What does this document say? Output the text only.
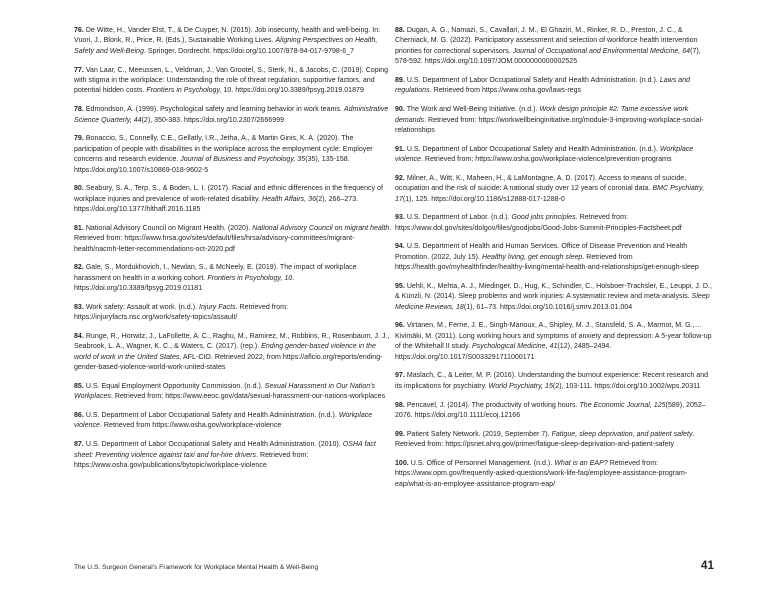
76. De Witte, H., Vander Elst, T., & De Cuyper, N. (2015). Job insecurity, health and well-being. In: Vuori, J., Blonk, R., Price, R. (Eds.), Sustainable Working Lives. Aligning Perspectives on Health, Safety and Well-Being. Springer, Dordrecht. https://doi.org/10.1007/978-94-017-9798-6_7

77. Van Laar, C., Meeussen, L., Veldman, J., Van Grootel, S., Sterk, N., & Jacobs, C. (2019). Coping with stigma in the workplace: Understanding the role of threat regulation, supportive factors, and potential hidden costs. Frontiers in Psychology, 10. https://doi.org/10.3389/fpsyg.2019.01879

78. Edmondson, A. (1999). Psychological safety and learning behavior in work teams. Administrative Science Quarterly, 44(2), 350-383. https://doi.org/10.2307/2666999

79. Bonaccio, S., Connelly, C.E., Gellatly, I.R., Jetha, A., & Martin Ginis, K. A. (2020). The participation of people with disabilities in the workplace across the employment cycle: Employer concerns and research evidence. Journal of Business and Psychology, 35(35), 135-158. https://doi.org/10.1007/s10869-018-9602-5

80. Seabury, S. A., Terp, S., & Boden, L. I. (2017). Racial and ethnic differences in the frequency of workplace injuries and prevalence of work-related disability. Health Affairs, 36(2), 266–273. https://doi.org/10.1377/hlthaff.2016.1185

81. National Advisory Council on Migrant Health. (2020). National Advisory Council on migrant health. Retrieved from: https://www.hrsa.gov/sites/default/files/hrsa/advisory-committees/migrant-health/nacmh-letter-recommendations-oct-2020.pdf

82. Gale, S., Mordukhovich, I., Newlan, S., & McNeely, E. (2019). The impact of workplace harassment on health in a working cohort. Frontiers in Psychology, 10. https://doi.org/10.3389/fpsyg.2019.01181

83. Work safety: Assault at work. (n.d.). Injury Facts. Retrieved from: https://injuryfacts.nsc.org/work/safety-topics/assault/

84. Runge, R., Horwitz, J., LaFollette, A. C., Raghu, M., Ramirez, M., Robbins, R., Rosenbaum, J. J., Seabrook, L. A., Wagner, K. C., & Waters, C. (2017). (rep.). Ending gender-based violence in the world of work in the United States. AFL-CIO. Retrieved 2022, from https://aflcio.org/reports/ending-gender-based-violence-world-work-united-states

85. U.S. Equal Employment Opportunity Commission. (n.d.). Sexual Harassment in Our Nation's Workplaces. Retrieved from: https://www.eeoc.gov/data/sexual-harassment-our-nations-workplaces

86. U.S. Department of Labor Occupational Safety and Health Administration. (n.d.). Workplace violence. Retrieved from https://www.osha.gov/workplace-violence

87. U.S. Department of Labor Occupational Safety and Health Administration. (2010). OSHA fact sheet: Preventing violence against taxi and for-hire drivers. Retrieved from: https://www.osha.gov/publications/bytopic/workplace-violence

88. Dugan, A. G., Namazi, S., Cavallari, J. M., El Ghaziri, M., Rinker, R. D., Preston, J. C., & Cherniack, M. G. (2022). Participatory assessment and selection of workforce health intervention priorities for correctional supervisors. Journal of Occupational and Environmental Medicine, 64(7), 578-592. https://doi.org/10.1097/JOM.0000000000002525

89. U.S. Department of Labor Occupational Safety and Health Administration. (n.d.). Laws and regulations. Retrieved from https://www.osha.gov/laws-regs

90. The Work and Well-Being Initiative. (n.d.). Work design principle #2: Tame excessive work demands. Retrieved from: https://workwellbeinginitiative.org/module-3-improving-workplace-social-relationships

91. U.S. Department of Labor Occupational Safety and Health Administration. (n.d.). Workplace violence. Retrieved from: https://www.osha.gov/workplace-violence/prevention-programs

92. Milner, A., Witt, K., Maheen, H., & LaMontagne, A. D. (2017). Access to means of suicide, occupation and the risk of suicide: A national study over 12 years of coronial data. BMC Psychiatry, 17(1), 125. https://doi.org/10.1186/s12888-017-1288-0

93. U.S. Department of Labor. (n.d.). Good jobs principles. Retrieved from: https://www.dol.gov/sites/dolgov/files/goodjobs/Good-Jobs-Summit-Principles-Factsheet.pdf

94. U.S. Department of Health and Human Services. Office of Disease Prevention and Health Promotion. (2022, July 15). Healthy living, get enough sleep. Retrieved from https://health.gov/myhealthfinder/healthy-living/mental-health-and-relationships/get-enough-sleep

95. Uehli, K., Mehta, A. J., Miedinger, D., Hug, K., Schindler, C., Holsboer-Trachsler, E., Leuppi, J. D., & Künzli, N. (2014). Sleep problems and work injuries: A systematic review and meta-analysis. Sleep Medicine Reviews, 18(1), 61–73. https://doi.org/10.1016/j.smrv.2013.01.004

96. Virtanen, M., Ferrie, J. E., Singh-Manoux, A., Shipley, M. J., Stansfeld, S. A., Marmot, M. G.,… Kivimäki, M. (2011). Long working hours and symptoms of anxiety and depression: A 5-year follow-up of the Whitehall II study. Psychological Medicine, 41(12), 2485–2494. https://doi.org/10.1017/S0033291711000171

97. Maslach, C., & Leiter, M. P. (2016). Understanding the burnout experience: Recent research and its implications for psychiatry. World Psychiatry, 15(2), 103-111. https://doi.org/10.1002/wps.20311

98. Pencavel, J. (2014). The productivity of working hours. The Economic Journal, 125(589), 2052–2076. https://doi.org/10.1111/ecoj.12166

99. Patient Safety Network. (2019, September 7). Fatigue, sleep deprivation, and patient safety. Retrieved from: https://psnet.ahrq.gov/primer/fatigue-sleep-deprivation-and-patient-safety

100. U.S. Office of Personnel Management. (n.d.). What is an EAP? Retrieved from: https://www.opm.gov/frequently-asked-questions/work-life-faq/employee-assistance-program-eap/what-is-an-employee-assistance-program-eap/

The U.S. Surgeon General's Framework for Workplace Mental Health & Well-Being	41
